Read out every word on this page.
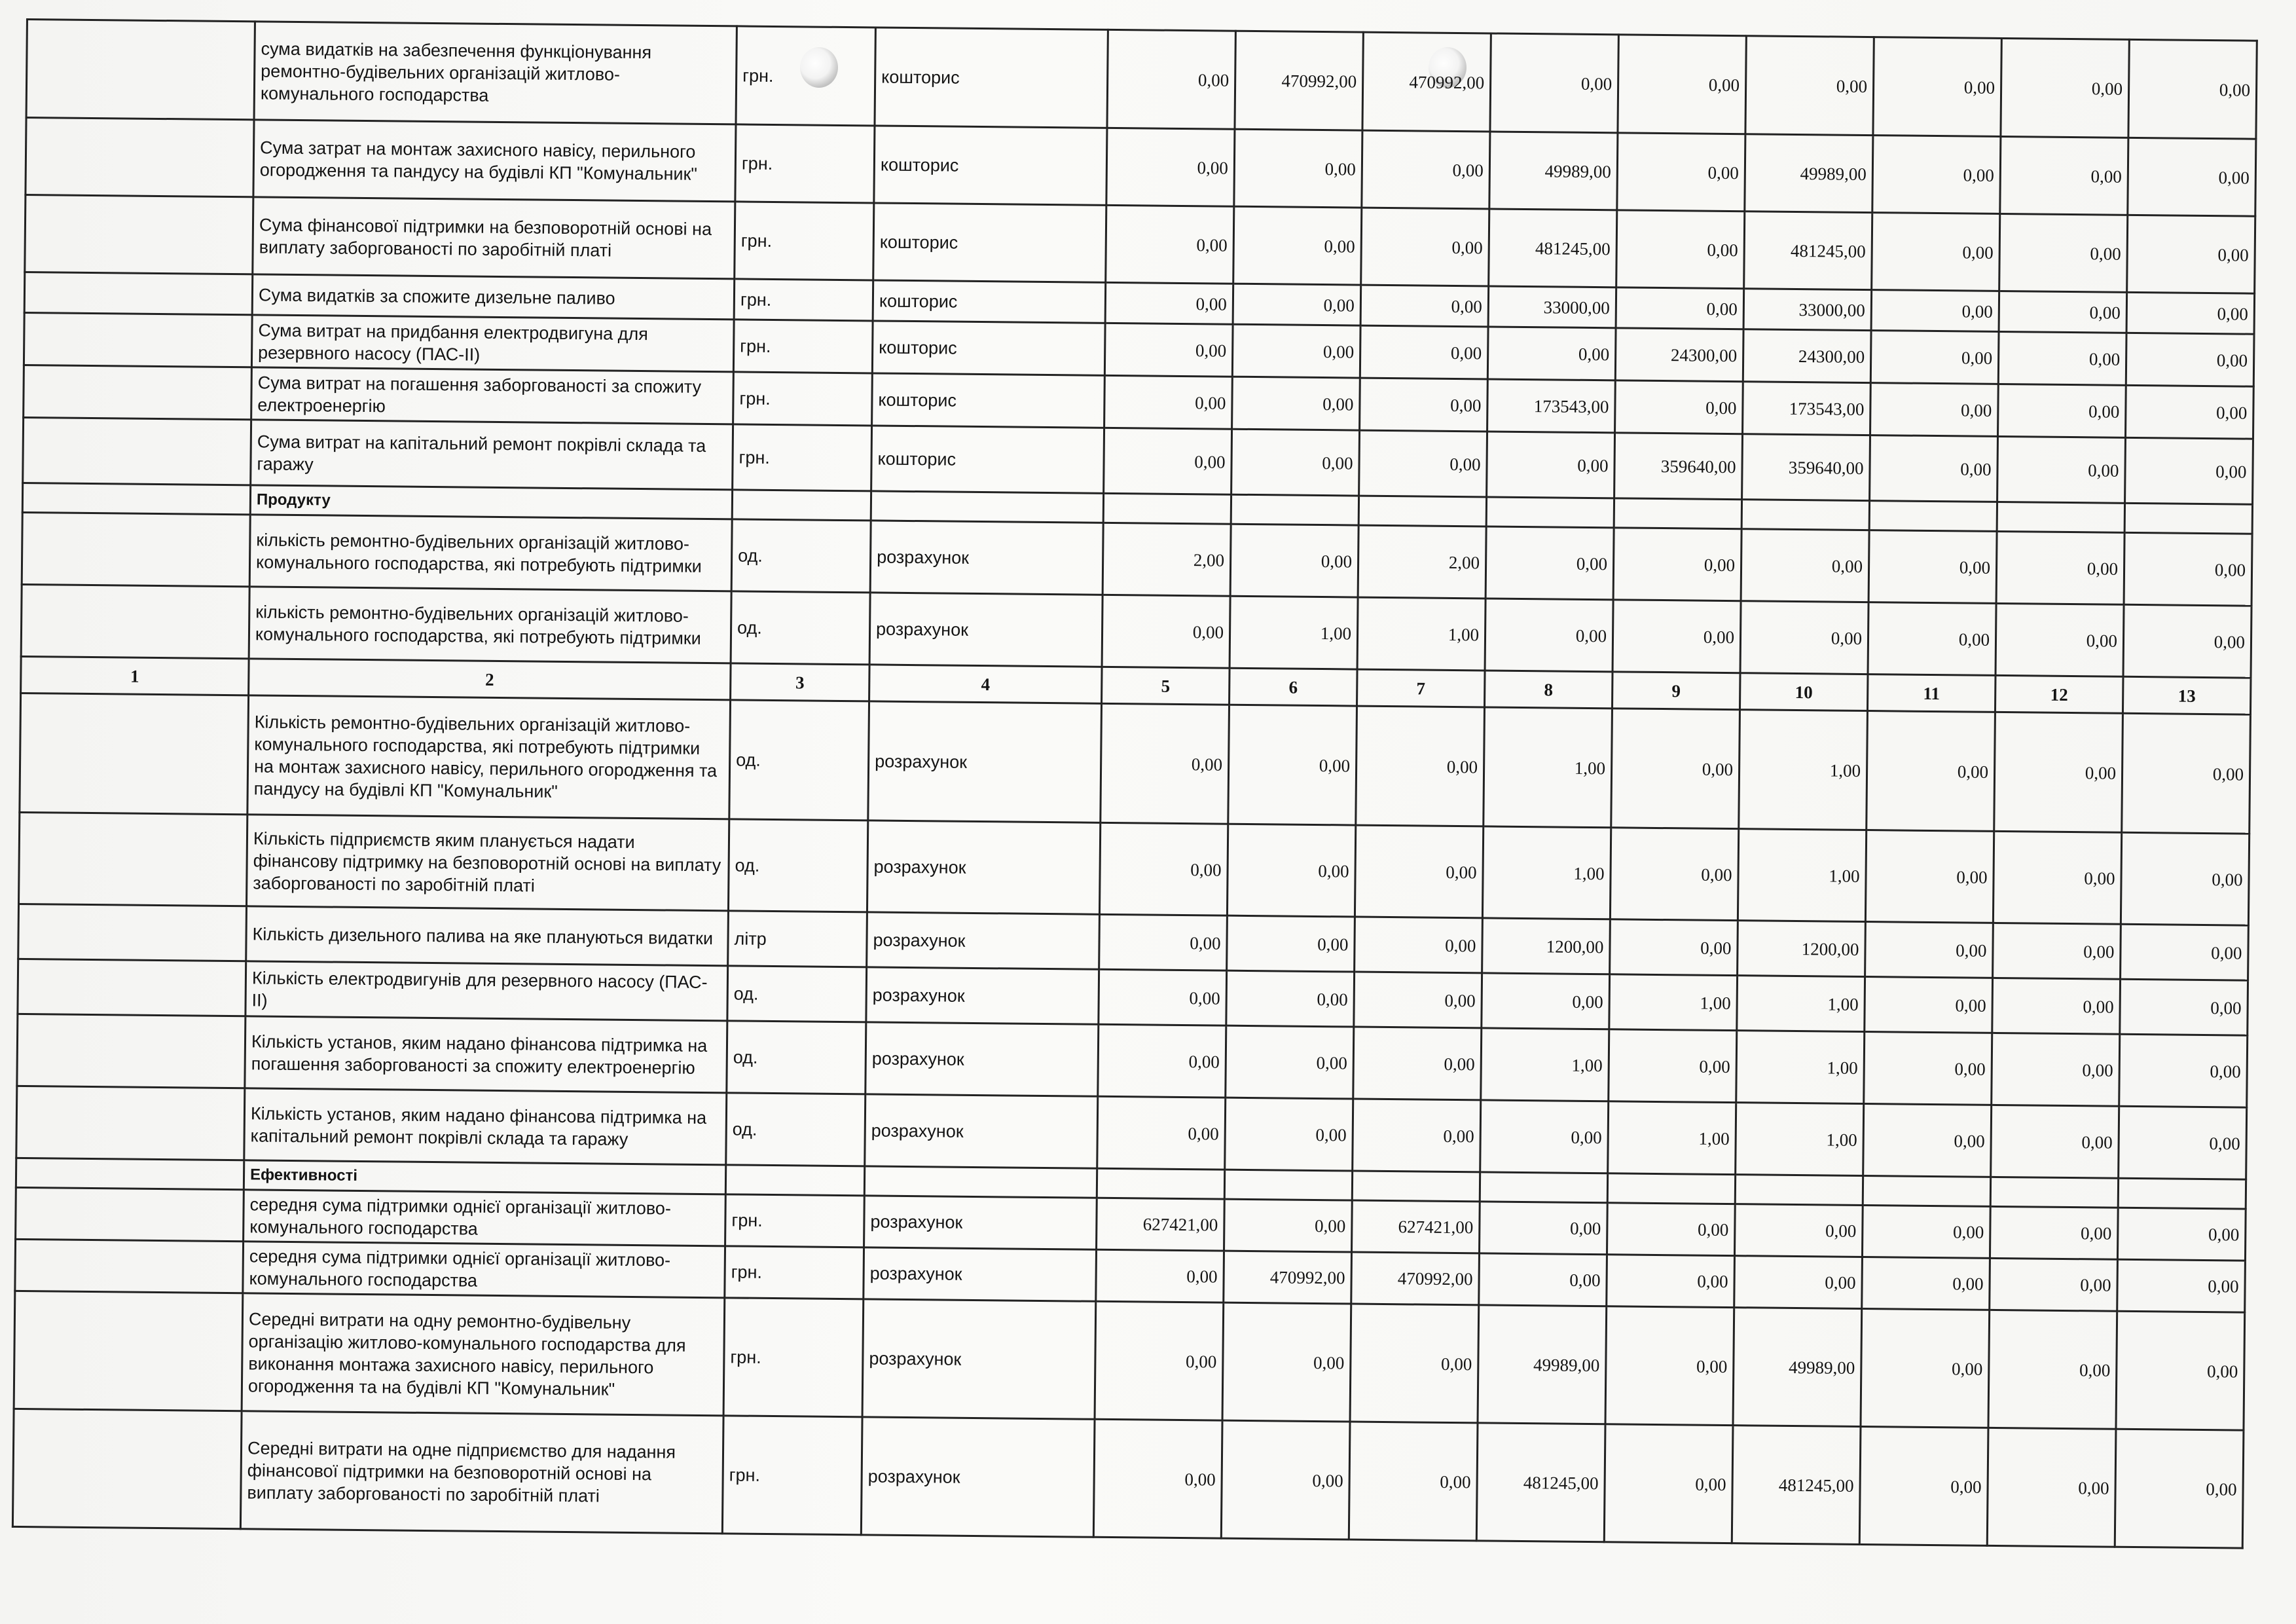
	сума видатків на забезпечення функціонування ремонтно-будівельних організацій житлово-комунального господарства	грн.	кошторис	0,00	470992,00	470992,00	0,00	0,00	0,00	0,00	0,00	0,00
	Сума затрат на монтаж захисного навісу, перильного огородження та пандусу на будівлі КП "Комунальник"	грн.	кошторис	0,00	0,00	0,00	49989,00	0,00	49989,00	0,00	0,00	0,00
	Сума фінансової підтримки на безповоротній основі на виплату заборгованості по заробітній платі	грн.	кошторис	0,00	0,00	0,00	481245,00	0,00	481245,00	0,00	0,00	0,00
	Сума видатків за спожите дизельне паливо	грн.	кошторис	0,00	0,00	0,00	33000,00	0,00	33000,00	0,00	0,00	0,00
	Сума витрат на придбання електродвигуна для резервного насосу (ПАС-ІІ)	грн.	кошторис	0,00	0,00	0,00	0,00	24300,00	24300,00	0,00	0,00	0,00
	Сума витрат на погашення заборгованості за спожиту електроенергію	грн.	кошторис	0,00	0,00	0,00	173543,00	0,00	173543,00	0,00	0,00	0,00
	Сума витрат на капітальний ремонт покрівлі склада та гаражу	грн.	кошторис	0,00	0,00	0,00	0,00	359640,00	359640,00	0,00	0,00	0,00
	Продукту											
	кількість ремонтно-будівельних організацій житлово-комунального господарства, які потребують підтримки	од.	розрахунок	2,00	0,00	2,00	0,00	0,00	0,00	0,00	0,00	0,00
	кількість ремонтно-будівельних організацій житлово-комунального господарства, які потребують підтримки	од.	розрахунок	0,00	1,00	1,00	0,00	0,00	0,00	0,00	0,00	0,00
1	2	3	4	5	6	7	8	9	10	11	12	13
	Кількість ремонтно-будівельних організацій житлово-комунального господарства, які потребують підтримки на монтаж захисного навісу, перильного огородження та пандусу на будівлі КП "Комунальник"	од.	розрахунок	0,00	0,00	0,00	1,00	0,00	1,00	0,00	0,00	0,00
	Кількість підприємств яким планується надати фінансову підтримку на безповоротній основі на виплату заборгованості по заробітній платі	од.	розрахунок	0,00	0,00	0,00	1,00	0,00	1,00	0,00	0,00	0,00
	Кількість дизельного палива на яке плануються видатки	літр	розрахунок	0,00	0,00	0,00	1200,00	0,00	1200,00	0,00	0,00	0,00
	Кількість електродвигунів для резервного насосу (ПАС-ІІ)	од.	розрахунок	0,00	0,00	0,00	0,00	1,00	1,00	0,00	0,00	0,00
	Кількість установ, яким надано фінансова підтримка на погашення заборгованості за спожиту електроенергію	од.	розрахунок	0,00	0,00	0,00	1,00	0,00	1,00	0,00	0,00	0,00
	Кількість установ, яким надано фінансова підтримка на капітальний ремонт покрівлі склада та гаражу	од.	розрахунок	0,00	0,00	0,00	0,00	1,00	1,00	0,00	0,00	0,00
	Ефективності											
	середня сума підтримки однієї організації житлово-комунального господарства	грн.	розрахунок	627421,00	0,00	627421,00	0,00	0,00	0,00	0,00	0,00	0,00
	середня сума підтримки однієї організації житлово-комунального господарства	грн.	розрахунок	0,00	470992,00	470992,00	0,00	0,00	0,00	0,00	0,00	0,00
	Середні витрати на одну ремонтно-будівельну організацію житлово-комунального господарства для виконання монтажа захисного навісу, перильного огородження та на будівлі КП "Комунальник"	грн.	розрахунок	0,00	0,00	0,00	49989,00	0,00	49989,00	0,00	0,00	0,00
	Середні витрати на одне підприємство для надання фінансової підтримки на безповоротній основі на виплату заборгованості по заробітній платі	грн.	розрахунок	0,00	0,00	0,00	481245,00	0,00	481245,00	0,00	0,00	0,00
